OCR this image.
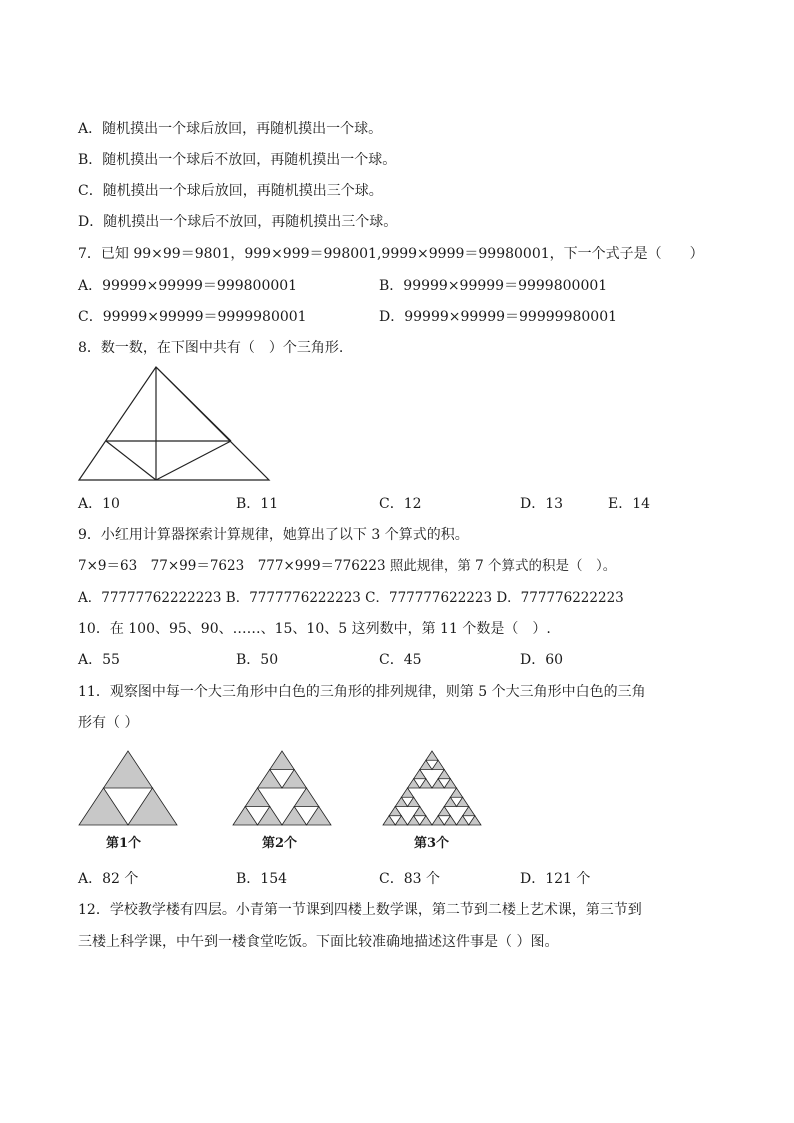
A．随机摸出一个球后放回，再随机摸出一个球。
B．随机摸出一个球后不放回，再随机摸出一个球。
C．随机摸出一个球后放回，再随机摸出三个球。
D．随机摸出一个球后不放回，再随机摸出三个球。
7．已知 99×99＝9801，999×999＝998001,9999×9999＝99980001，下一个式子是（　　）
A．99999×99999＝999800001	B．99999×99999＝9999800001
C．99999×99999＝9999980001	D．99999×99999＝99999980001
8．数一数，在下图中共有（　）个三角形.
A．10	B．11	C．12	D．13	E．14
9．小红用计算器探索计算规律，她算出了以下 3 个算式的积。
7×9＝63　77×99＝7623　777×999＝776223 照此规律，第 7 个算式的积是（　）。
A．77777762222223 B．7777776222223 C．777777622223 D．777776222223
10．在 100、95、90、……、15、10、5 这列数中，第 11 个数是（　）.
A．55	B．50	C．45	D．60
11．观察图中每一个大三角形中白色的三角形的排列规律，则第 5 个大三角形中白色的三角
形有（ ）
第1个	第2个	第3个
A．82 个	B．154	C．83 个	D．121 个
12．学校教学楼有四层。小青第一节课到四楼上数学课，第二节到二楼上艺术课，第三节到
三楼上科学课，中午到一楼食堂吃饭。下面比较准确地描述这件事是（ ）图。
